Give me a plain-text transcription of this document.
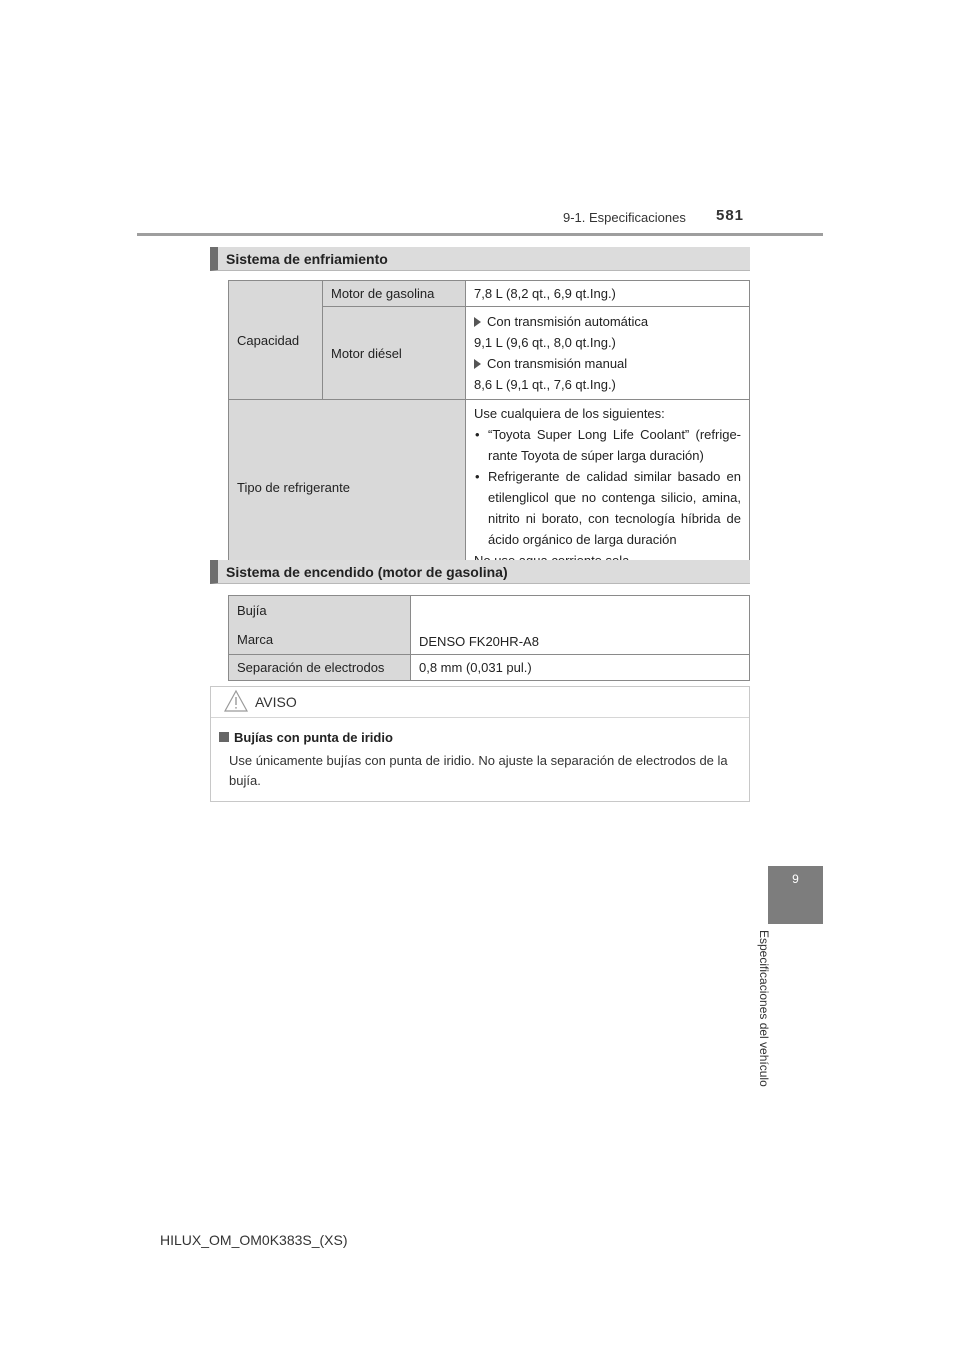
9-1. Especificaciones 581
9
Especificaciones del vehículo
Sistema de enfriamiento
Capacidad	Motor de gasolina	7,8 L (8,2 qt., 6,9 qt.Ing.)
	Motor diésel	Con transmisión automática
9,1 L (9,6 qt., 8,0 qt.Ing.)
Con transmisión manual
8,6 L (9,1 qt., 7,6 qt.Ing.)

Tipo de refrigerante		Use cualquiera de los siguientes:
• “Toyota Super Long Life Coolant” (refrige-rante Toyota de súper larga duración)
• Refrigerante de calidad similar basado en etilenglicol que no contenga silicio, amina, nitrito ni borato, con tecnología híbrida de ácido orgánico de larga duración
Sistema de encendido (motor de gasolina)
Bujía
Marca	DENSO FK20HR-A8
Separación de electrodos	0,8 mm (0,031 pul.)
AVISO
Bujías con punta de iridio
Use únicamente bujías con punta de iridio. No ajuste la separación de electrodos de la bujía.
HILUX_OM_OM0K383S_(XS)
